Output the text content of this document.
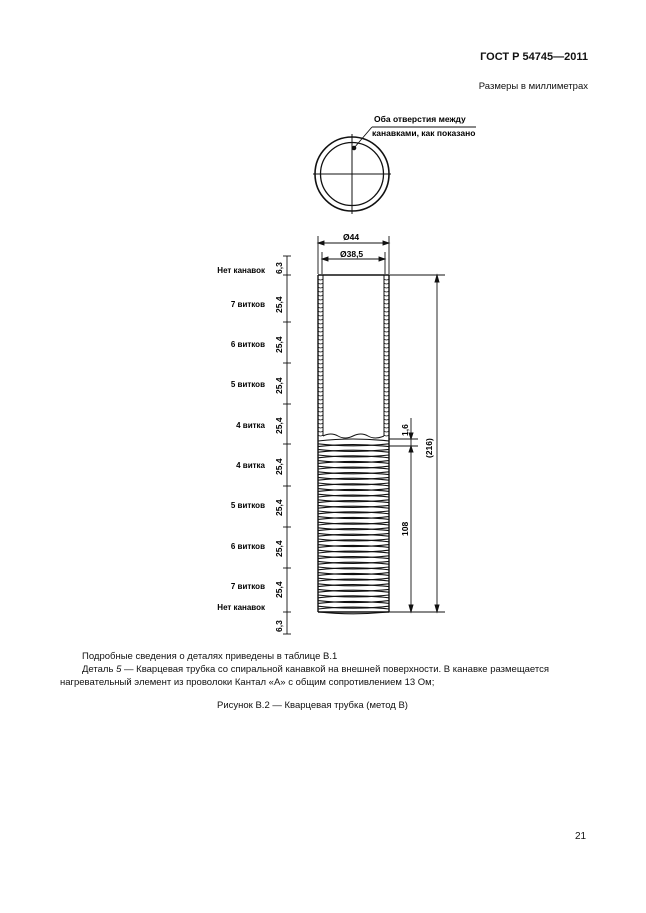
ГОСТ Р 54745—2011
Размеры в миллиметрах
Оба отверстия между
канавками, как показано
Ø44
Ø38,5
1,6
(216)
108
Нет канавок
7 витков
6 витков
5 витков
4 витка
4 витка
5 витков
6 витков
7 витков
Нет канавок
6,3
25,4
25,4
25,4
25,4
25,4
25,4
25,4
25,4
6,3
Подробные сведения о деталях приведены в таблице В.1
Деталь 5 — Кварцевая трубка со спиральной канавкой на внешней поверхности. В канавке размещается
нагревательный элемент из проволоки Кантал «А» с общим сопротивлением 13 Ом;
Рисунок В.2 — Кварцевая трубка (метод В)
21
